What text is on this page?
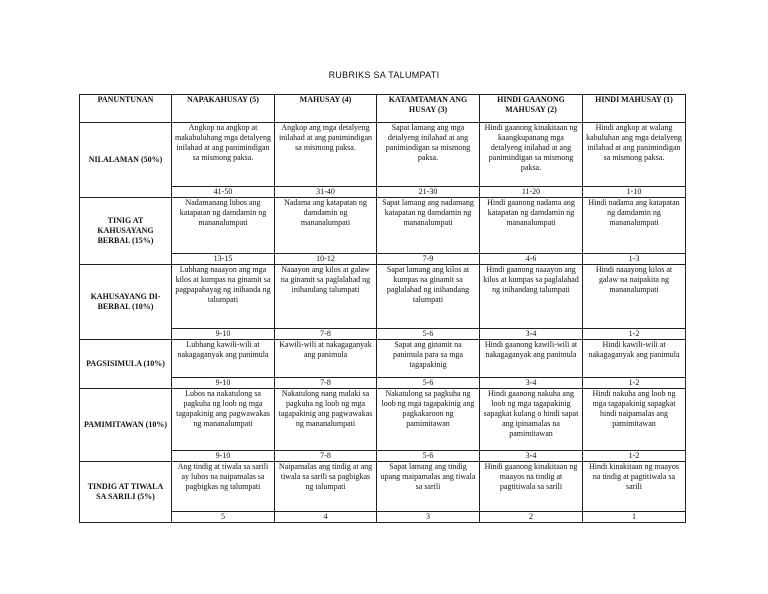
RUBRIKS SA TALUMPATI
PANUNTUNAN	NAPAKAHUSAY (5)	MAHUSAY (4)	KATAMTAMAN ANG HUSAY (3)	HINDI GAANONG MAHUSAY (2)	HINDI MAHUSAY (1)
NILALAMAN (50%)	Angkop na angkop at makabuluhang mga detalyeng inilahad at ang panimindigan sa mismong paksa.	Angkop ang mga detalyeng inilahad at ang panimindigan sa mismong paksa.	Sapat lamang ang mga detalyeng inilahad at ang panimindigan sa mismong paksa.	Hindi gaanong kinakitaan ng kaangkupanang mga detalyeng inilahad at ang panimindigan sa mismong paksa.	Hindi angkop at walang kabuluhan ang mga detalyeng inilahad at ang panimindigan sa mismong paksa.
	41-50	31-40	21-30	11-20	1-10
TINIG AT KAHUSAYANG BERBAL (15%)	Nadamanang lubos ang katapatan ng damdamin ng mananalumpati	Nadama ang katapatan ng damdamin ng mananalumpati	Sapat lamang ang nadamang katapatan ng damdamin ng mananalumpati	Hindi gaanong nadama ang katapatan ng damdamin ng mananalumpati	Hindi nadama ang katapatan ng damdamin ng mananalumpati
	13-15	10-12	7-9	4-6	1-3
KAHUSAYANG DI-BERBAL (10%)	Lubhang naaayon ang mga kilos at kumpas na ginamit sa pagpapahayag ng inihanda ng talumpati	Naaayon ang kilos at galaw na ginamit sa paglalahad ng inihandang talumpati	Sapat lamang ang kilos at kumpas na ginamit sa paglalahad ng inihandang talumpati	Hindi gaanong naaayon ang kilos at kumpas sa paglalahad ng inihandang talumpati	Hindi naaayong kilos at galaw na naipakita ng mananalumpati
	9-10	7-8	5-6	3-4	1-2
PAGSISIMULA (10%)	Lubhang kawili-wili at nakagaganyak ang panimula	Kawili-wili at nakagaganyak ang panimula	Sapat ang ginamit na panimula para sa mga tagapakinig	Hindi gaanong kawili-wili at nakagaganyak ang panimula	Hindi kawili-wili at nakagaganyak ang panimula
	9-10	7-8	5-6	3-4	1-2
PAMIMITAWAN (10%)	Lubos na nakatulong sa pagkuha ng loob ng mga tagapakinig ang pagwawakas ng mananalumpati	Nakatulong nang malaki sa pagkuha ng loob ng mga tagapakinig ang pagwawakas ng mananalumpati	Nakatulong sa pagkuha ng loob ng mga tagapakinig ang pagkakaroon ng pamimitawan	Hindi gaanong nakuha ang loob ng mga tagapakinig sapagkat kulang o hindi sapat ang ipinamalas na pamimitawan	Hindi nakuha ang loob ng mga tagapakinig sapagkat hindi naipamalas ang pamimitawan
	9-10	7-8	5-6	3-4	1-2
TINDIG AT TIWALA SA SARILI (5%)	Ang tindig at tiwala sa sarili ay lubos na naipamalas sa pagbigkas ng talumpati	Naipamalas ang tindig at ang tiwala sa sarili sa pagbigkas ng talumpati	Sapat lamang ang tindig upang maipamalas ang tiwala sa sarili	Hindi gaanong kinakitaan ng maayos na tindig at pagtitiwala sa sarili	Hindi kinakitaan ng maayos na tindig at pagtitiwala sa sarili
	5	4	3	2	1
